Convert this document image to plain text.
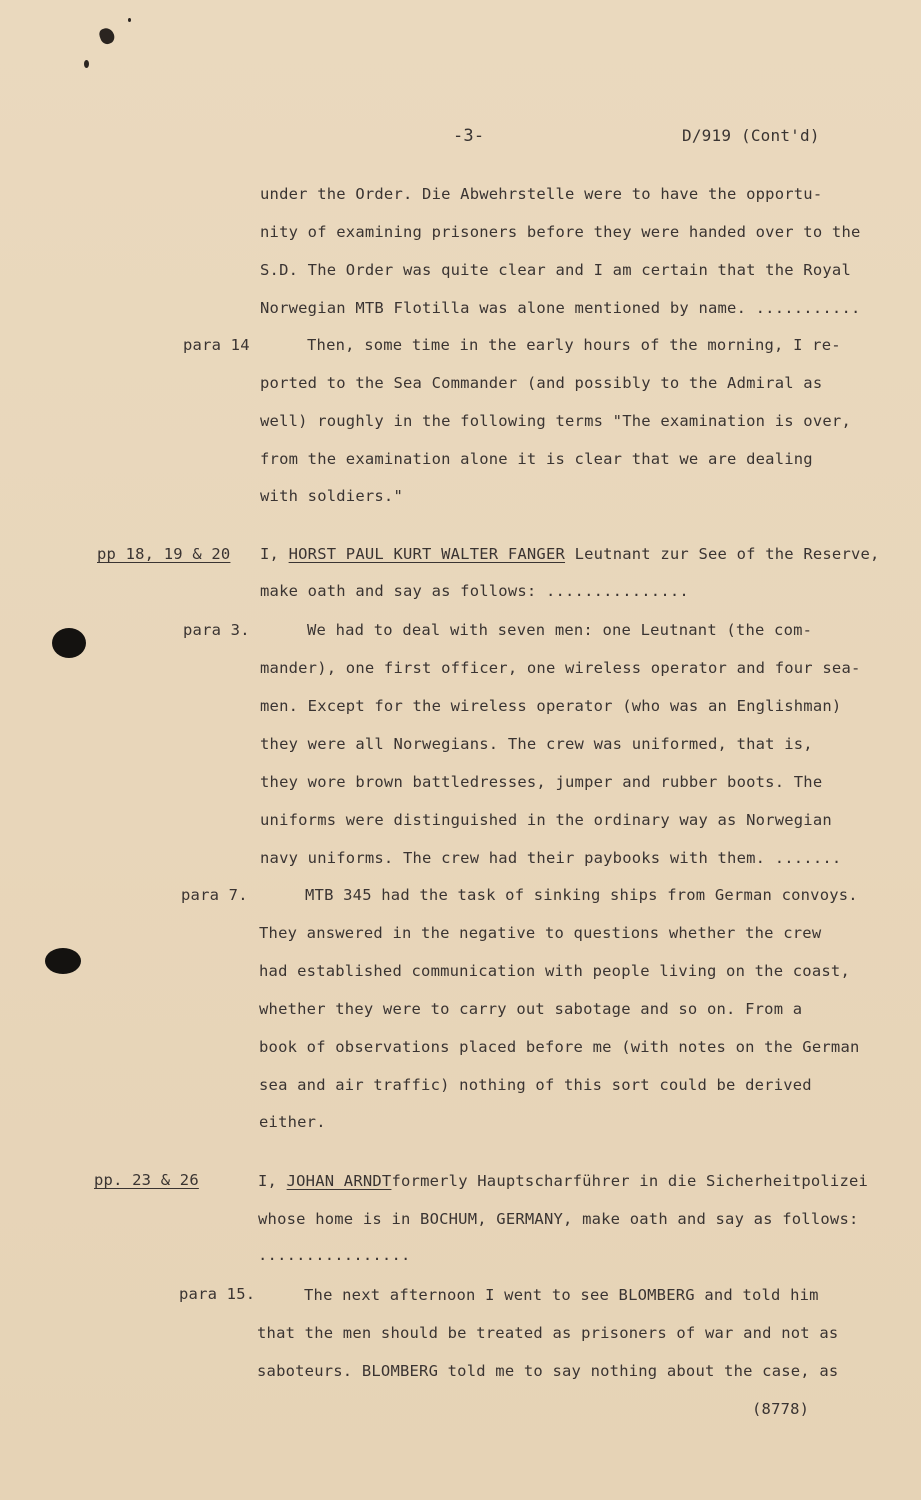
-3-	D/919 (Cont'd)
under the Order. Die Abwehrstelle were to have the opportu-
nity of examining prisoners before they were handed over to the
S.D. The Order was quite clear and I am certain that the Royal
Norwegian MTB Flotilla was alone mentioned by name. ...........
para 14	Then, some time in the early hours of the morning, I re-
ported to the Sea Commander (and possibly to the Admiral as
well) roughly in the following terms "The examination is over,
from the examination alone it is clear that we are dealing
with soldiers."
pp 18, 19 & 20 I, HORST PAUL KURT WALTER FANGER Leutnant zur See of the Reserve,
make oath and say as follows: ...............
para 3.	We had to deal with seven men: one Leutnant (the com-
mander), one first officer, one wireless operator and four sea-
men. Except for the wireless operator (who was an Englishman)
they were all Norwegians. The crew was uniformed, that is,
they wore brown battledresses, jumper and rubber boots. The
uniforms were distinguished in the ordinary way as Norwegian
navy uniforms. The crew had their paybooks with them. .......
para 7.	MTB 345 had the task of sinking ships from German convoys.
They answered in the negative to questions whether the crew
had established communication with people living on the coast,
whether they were to carry out sabotage and so on. From a
book of observations placed before me (with notes on the German
sea and air traffic) nothing of this sort could be derived
either.
pp. 23 & 26	I, JOHAN ARNDTformerly Hauptscharführer in die Sicherheitpolizei
whose home is in BOCHUM, GERMANY, make oath and say as follows:
................
para 15.	The next afternoon I went to see BLOMBERG and told him
that the men should be treated as prisoners of war and not as
saboteurs. BLOMBERG told me to say nothing about the case, as
(8778)
